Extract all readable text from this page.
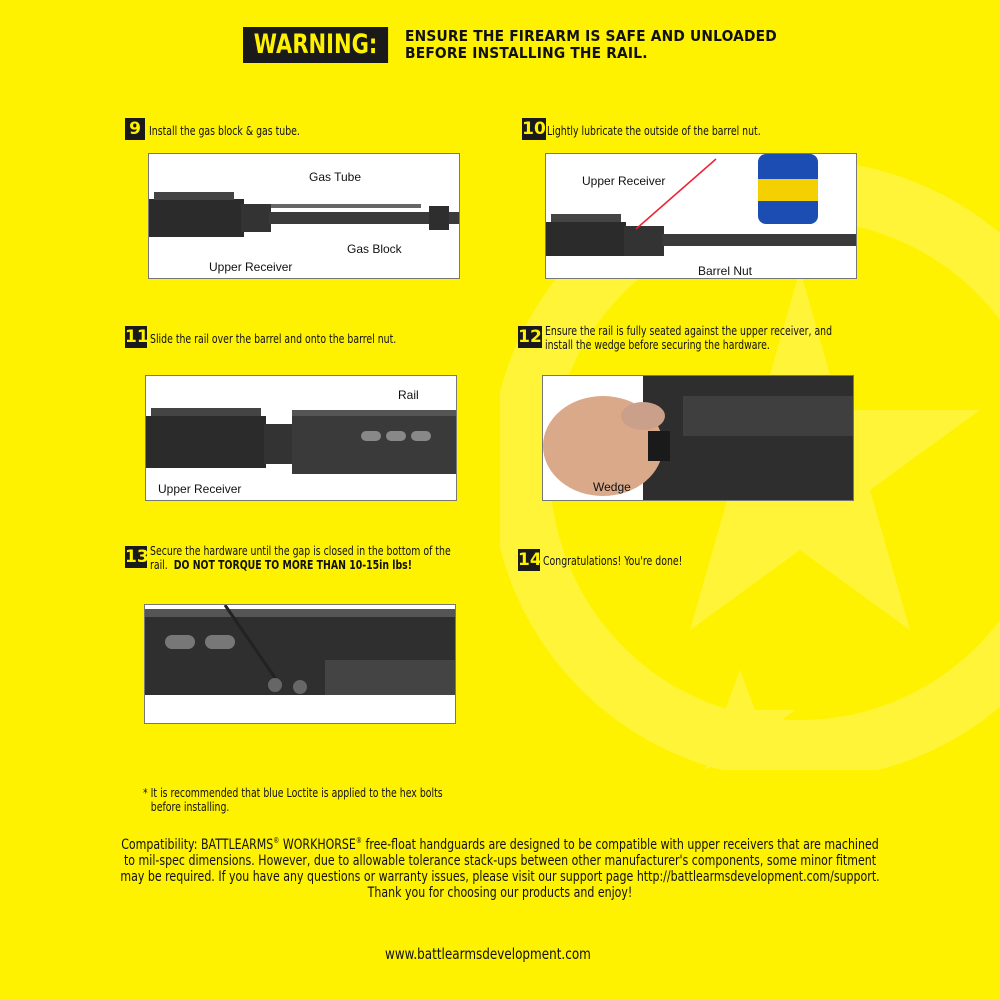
WARNING:	ENSURE THE FIREARM IS SAFE AND UNLOADED
BEFORE INSTALLING THE RAIL.
9 Install the gas block & gas tube.
Gas Tube
Gas Block
Upper Receiver
10 Lightly lubricate the outside of the barrel nut.
Upper Receiver
Barrel Nut
11 Slide the rail over the barrel and onto the barrel nut.
Rail
Upper Receiver
12 Ensure the rail is fully seated against the upper receiver, and
install the wedge before securing the hardware.
Wedge
13 Secure the hardware until the gap is closed in the bottom of the
rail. DO NOT TORQUE TO MORE THAN 10-15in lbs!	14 Congratulations! You're done!
* It is recommended that blue Loctite is applied to the hex bolts
before installing.
Compatibility: BATTLEARMS® WORKHORSE® free-float handguards are designed to be compatible with upper receivers that are machined
to mil-spec dimensions. However, due to allowable tolerance stack-ups between other manufacturer's components, some minor fitment
may be required. If you have any questions or warranty issues, please visit our support page http://battlearmsdevelopment.com/support.
Thank you for choosing our products and enjoy!
www.battlearmsdevelopment.com
